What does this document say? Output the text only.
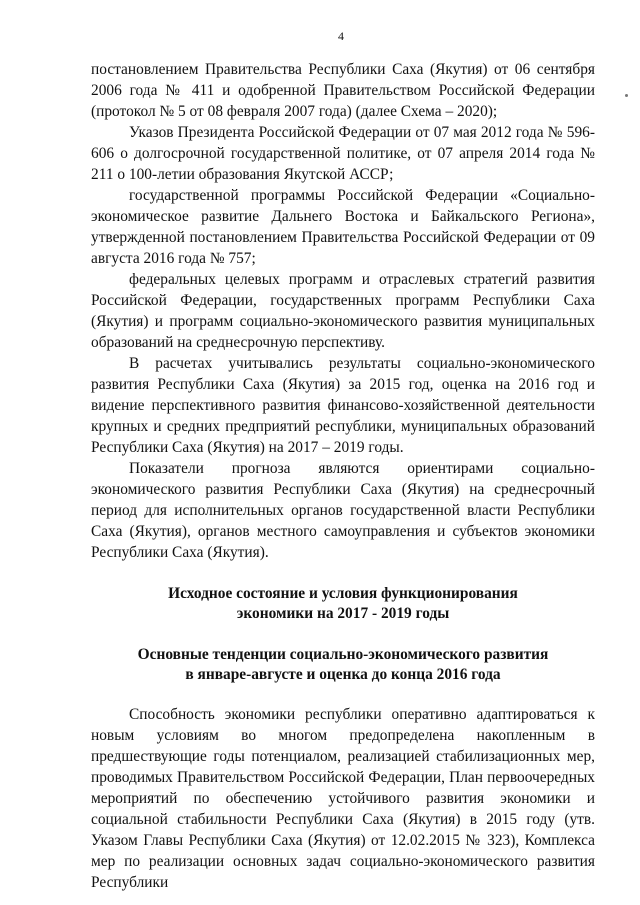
4

постановлением Правительства Республики Саха (Якутия) от 06 сентября 2006 года № 411 и одобренной Правительством Российской Федерации (протокол № 5 от 08 февраля 2007 года) (далее Схема – 2020);

Указов Президента Российской Федерации от 07 мая 2012 года № 596-606 о долгосрочной государственной политике, от 07 апреля 2014 года № 211 о 100-летии образования Якутской АССР;

государственной программы Российской Федерации «Социально-экономическое развитие Дальнего Востока и Байкальского Региона», утвержденной постановлением Правительства Российской Федерации от 09 августа 2016 года № 757;

федеральных целевых программ и отраслевых стратегий развития Российской Федерации, государственных программ Республики Саха (Якутия) и программ социально-экономического развития муниципальных образований на среднесрочную перспективу.

В расчетах учитывались результаты социально-экономического развития Республики Саха (Якутия) за 2015 год, оценка на 2016 год и видение перспективного развития финансово-хозяйственной деятельности крупных и средних предприятий республики, муниципальных образований Республики Саха (Якутия) на 2017 – 2019 годы.

Показатели прогноза являются ориентирами социально-экономического развития Республики Саха (Якутия) на среднесрочный период для исполнительных органов государственной власти Республики Саха (Якутия), органов местного самоуправления и субъектов экономики Республики Саха (Якутия).

Исходное состояние и условия функционирования
экономики на 2017 - 2019 годы
Основные тенденции социально-экономического развития
в январе-августе и оценка до конца 2016 года

Способность экономики республики оперативно адаптироваться к новым условиям во многом предопределена накопленным в предшествующие годы потенциалом, реализацией стабилизационных мер, проводимых Правительством Российской Федерации, План первоочередных мероприятий по обеспечению устойчивого развития экономики и социальной стабильности Республики Саха (Якутия) в 2015 году (утв. Указом Главы Республики Саха (Якутия) от 12.02.2015 № 323), Комплекса мер по реализации основных задач социально-экономического развития Республики
